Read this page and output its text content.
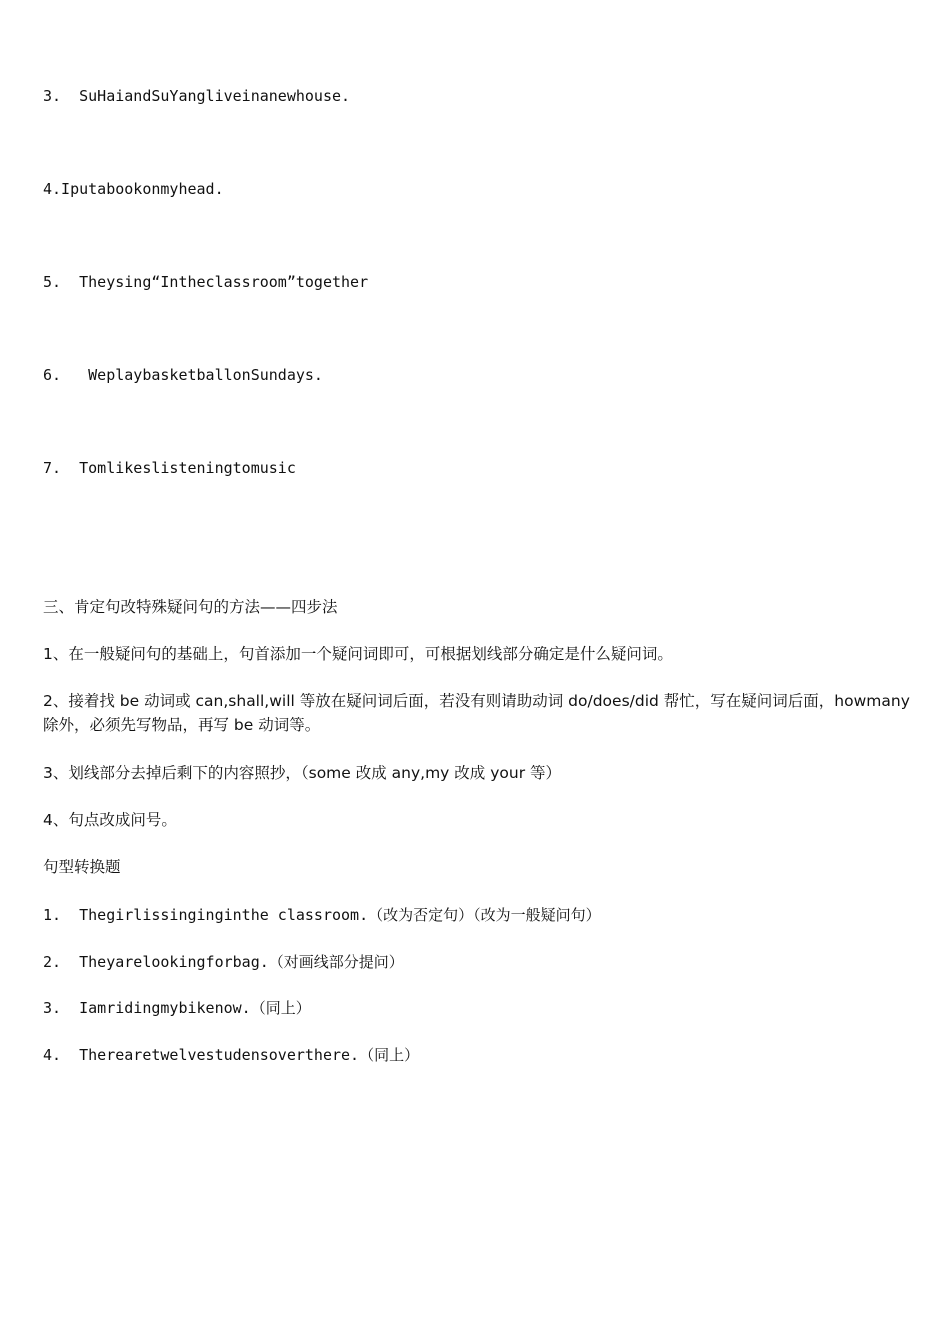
3.  SuHaiandSuYangliveinanewhouse.
4.Iputabookonmyhead.
5.  Theysing“Intheclassroom”together
6.   WeplaybasketballonSundays.
7.  Tomlikeslisteningtomusic
三、肯定句改特殊疑问句的方法——四步法
1、在一般疑问句的基础上，句首添加一个疑问词即可，可根据划线部分确定是什么疑问词。
2、接着找 be 动词或 can,shall,will 等放在疑问词后面，若没有则请助动词 do/does/did 帮忙，写在疑问词后面，howmany 除外，必须先写物品，再写 be 动词等。
3、划线部分去掉后剩下的内容照抄，（some 改成 any,my 改成 your 等）
4、句点改成问号。
句型转换题
1.  Thegirlissinginginthe classroom.（改为否定句）（改为一般疑问句）
2.  Theyarelookingforbag.（对画线部分提问）
3.  Iamridingmybikenow.（同上）
4.  Therearetwelvestudensoverthere.（同上）
